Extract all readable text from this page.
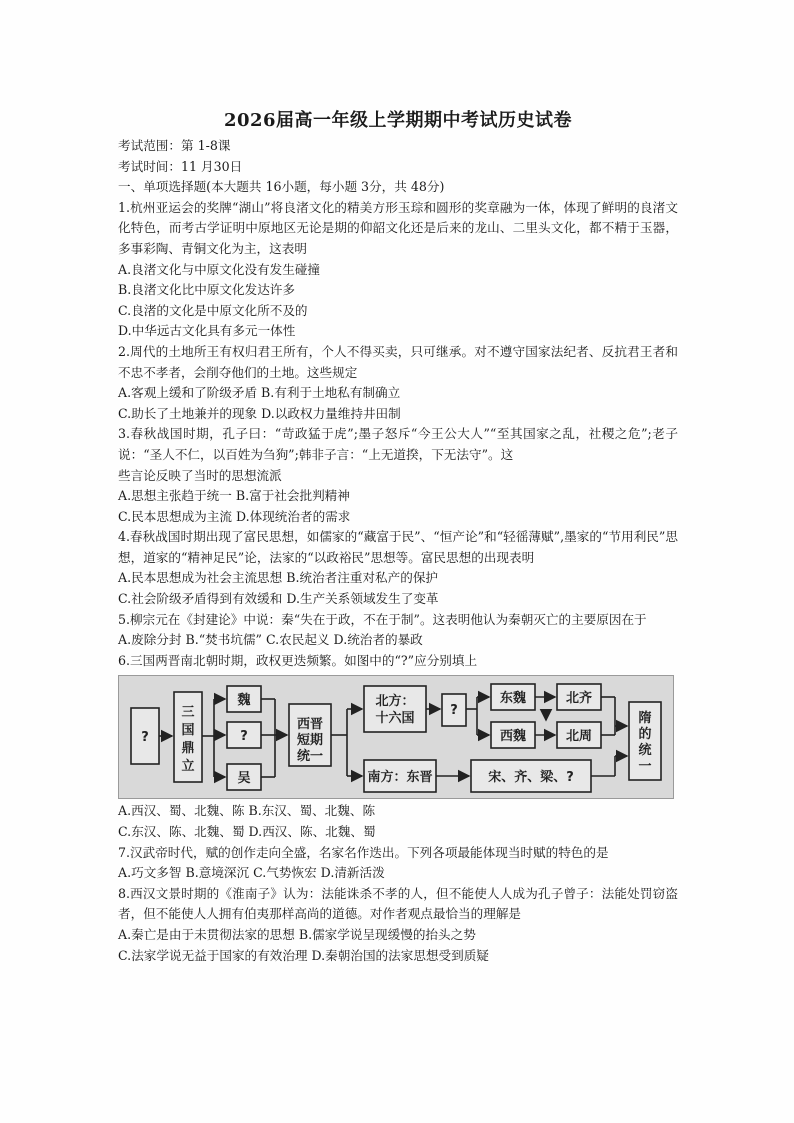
2026届高一年级上学期期中考试历史试卷
考试范围：第 1-8课
考试时间：11 月30日
一、单项选择题(本大题共 16小题，每小题 3分，共 48分)
1.杭州亚运会的奖牌“湖山”将良渚文化的精美方形玉琮和圆形的奖章融为一体，体现了鲜明的良渚文化特色，而考古学证明中原地区无论是期的仰韶文化还是后来的龙山、二里头文化，都不精于玉器，多事彩陶、青铜文化为主，这表明
A.良渚文化与中原文化没有发生碰撞
B.良渚文化比中原文化发达许多
C.良渚的文化是中原文化所不及的
D.中华远古文化具有多元一体性
2.周代的土地所王有权归君王所有，个人不得买卖，只可继承。对不遵守国家法纪者、反抗君王者和不忠不孝者，会削夺他们的土地。这些规定
A.客观上缓和了阶级矛盾 B.有利于土地私有制确立
C.助长了土地兼并的现象 D.以政权力量维持井田制
3.春秋战国时期，孔子曰：“苛政猛于虎”;墨子怒斥“今王公大人”“至其国家之乱，社稷之危”;老子说：“圣人不仁，以百姓为刍狗”;韩非子言：“上无道揆，下无法守”。这
些言论反映了当时的思想流派
A.思想主张趋于统一 B.富于社会批判精神
C.民本思想成为主流 D.体现统治者的需求
4.春秋战国时期出现了富民思想，如儒家的“藏富于民”、“恒产论”和“轻徭薄赋”,墨家的“节用利民”思想，道家的“精神足民”论，法家的“以政裕民”思想等。富民思想的出现表明
A.民本思想成为社会主流思想 B.统治者注重对私产的保护
C.社会阶级矛盾得到有效缓和 D.生产关系领域发生了变革
5.柳宗元在《封建论》中说：秦“失在于政，不在于制”。这表明他认为秦朝灭亡的主要原因在于
A.废除分封 B.“焚书坑儒” C.农民起义 D.统治者的暴政
6.三国两晋南北朝时期，政权更迭频繁。如图中的“?”应分别填上
?
三国鼎立
魏
?
吴
西晋短期统一
北方：十六国
?
东魏	北齐
西魏	北周
隋的统一
南方：东晋	宋、齐、梁、?
A.西汉、蜀、北魏、陈 B.东汉、蜀、北魏、陈
C.东汉、陈、北魏、蜀 D.西汉、陈、北魏、蜀
7.汉武帝时代，赋的创作走向全盛，名家名作迭出。下列各项最能体现当时赋的特色的是
A.巧文多智 B.意境深沉 C.气势恢宏 D.清新活泼
8.西汉文景时期的《淮南子》认为：法能诛杀不孝的人，但不能使人人成为孔子曾子：法能处罚窃盗者，但不能使人人拥有伯夷那样高尚的道德。对作者观点最恰当的理解是
A.秦亡是由于未贯彻法家的思想 B.儒家学说呈现缓慢的抬头之势
C.法家学说无益于国家的有效治理 D.秦朝治国的法家思想受到质疑
